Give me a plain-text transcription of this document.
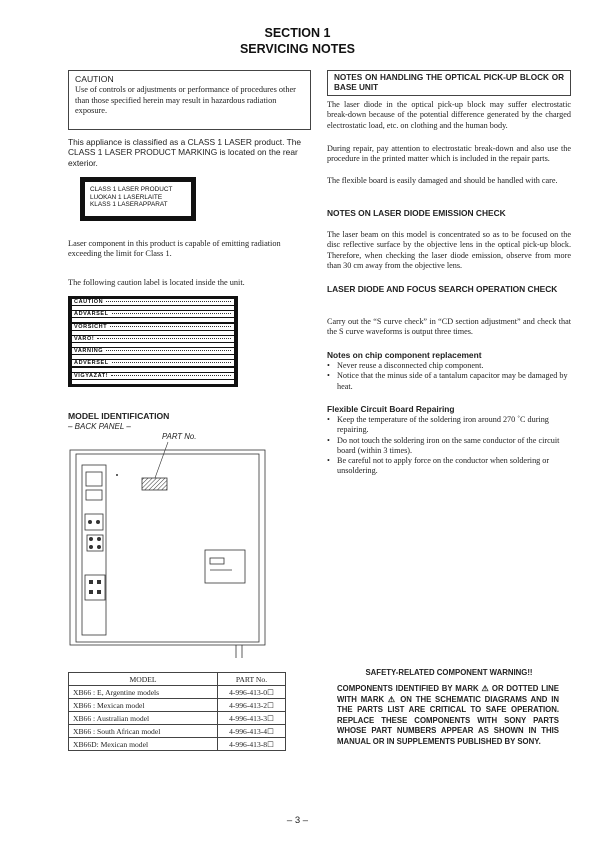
SECTION 1
SERVICING NOTES
CAUTION
Use of controls or adjustments or performance of procedures other than those specified herein may result in hazardous radiation exposure.
This appliance is classified as a CLASS 1 LASER product. The CLASS 1 LASER PRODUCT MARKING is located on the rear exterior.
CLASS 1 LASER PRODUCT
LUOKAN 1 LASERLAITE
KLASS 1 LASERAPPARAT
Laser component in this product is capable of emitting radiation exceeding the limit for Class 1.
The following caution label is located inside the unit.
CAUTION
ADVARSEL
VORSICHT
VARO!
VARNING
ADVERSEL
VIGYAZAT!
MODEL IDENTIFICATION
– BACK PANEL –
PART No.
MODEL	PART No.
XB66 : E, Argentine models	4-996-413-0☐
XB66 : Mexican model	4-996-413-2☐
XB66 : Australian model	4-996-413-3☐
XB66 : South African model	4-996-413-4☐
XB66D: Mexican model	4-996-413-8☐
NOTES ON HANDLING THE OPTICAL PICK-UP BLOCK OR BASE UNIT
The laser diode in the optical pick-up block may suffer electrostatic break-down because of the potential difference generated by the charged electrostatic load, etc. on clothing and the human body.
During repair, pay attention to electrostatic break-down and also use the procedure in the printed matter which is included in the repair parts.
The flexible board is easily damaged and should be handled with care.
NOTES ON LASER DIODE EMISSION CHECK
The laser beam on this model is concentrated so as to be focused on the disc reflective surface by the objective lens in the optical pick-up block. Therefore, when checking the laser diode emission, observe from more than 30 cm away from the objective lens.
LASER DIODE AND FOCUS SEARCH OPERATION CHECK
Carry out the “S curve check” in “CD section adjustment” and check that the S curve waveforms is output three times.
Notes on chip component replacement
• Never reuse a disconnected chip component.
• Notice that the minus side of a tantalum capacitor may be damaged by heat.
Flexible Circuit Board Repairing
• Keep the temperature of the soldering iron around 270 ˚C during repairing.
• Do not touch the soldering iron on the same conductor of the circuit board (within 3 times).
• Be careful not to apply force on the conductor when soldering or unsoldering.
SAFETY-RELATED COMPONENT WARNING!!
COMPONENTS IDENTIFIED BY MARK ⚠ OR DOTTED LINE WITH MARK ⚠ ON THE SCHEMATIC DIAGRAMS AND IN THE PARTS LIST ARE CRITICAL TO SAFE OPERATION. REPLACE THESE COMPONENTS WITH SONY PARTS WHOSE PART NUMBERS APPEAR AS SHOWN IN THIS MANUAL OR IN SUPPLEMENTS PUBLISHED BY SONY.
– 3 –
